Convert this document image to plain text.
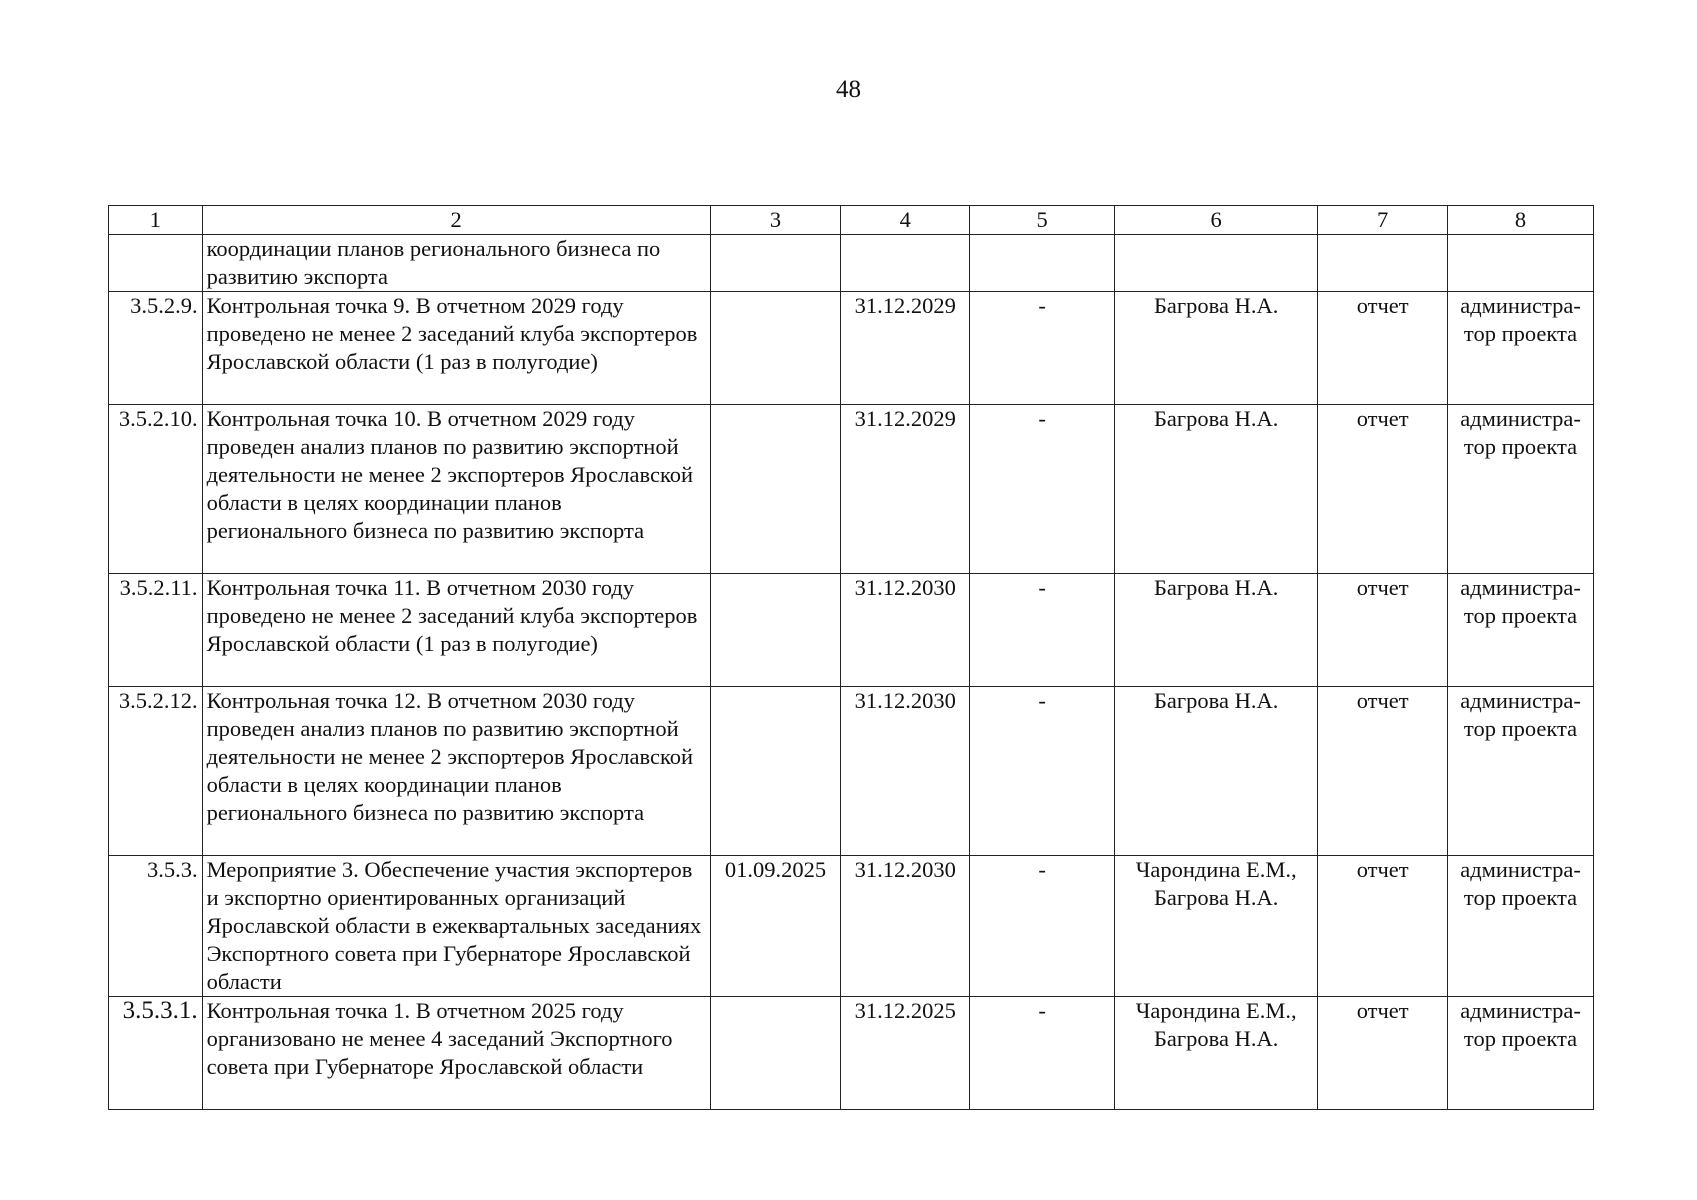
48
1	2	3	4	5	6	7	8
	координации планов регионального бизнеса по развитию экспорта						
3.5.2.9.	Контрольная точка 9. В отчетном 2029 году проведено не менее 2 заседаний клуба экспортеров Ярославской области (1 раз в полугодие)		31.12.2029	-	Багрова Н.А.	отчет	администра-тор проекта
3.5.2.10.	Контрольная точка 10. В отчетном 2029 году проведен анализ планов по развитию экспортной деятельности не менее 2 экспортеров Ярославской области в целях координации планов регионального бизнеса по развитию экспорта		31.12.2029	-	Багрова Н.А.	отчет	администра-тор проекта
3.5.2.11.	Контрольная точка 11. В отчетном 2030 году проведено не менее 2 заседаний клуба экспортеров Ярославской области (1 раз в полугодие)		31.12.2030	-	Багрова Н.А.	отчет	администра-тор проекта
3.5.2.12.	Контрольная точка 12. В отчетном 2030 году проведен анализ планов по развитию экспортной деятельности не менее 2 экспортеров Ярославской области в целях координации планов регионального бизнеса по развитию экспорта		31.12.2030	-	Багрова Н.А.	отчет	администра-тор проекта
3.5.3.	Мероприятие 3. Обеспечение участия экспортеров и экспортно ориентированных организаций Ярославской области в ежеквартальных заседаниях Экспортного совета при Губернаторе Ярославской области	01.09.2025	31.12.2030	-	Чарондина Е.М., Багрова Н.А.	отчет	администра-тор проекта
3.5.3.1.	Контрольная точка 1. В отчетном 2025 году организовано не менее 4 заседаний Экспортного совета при Губернаторе Ярославской области		31.12.2025	-	Чарондина Е.М., Багрова Н.А.	отчет	администра-тор проекта
